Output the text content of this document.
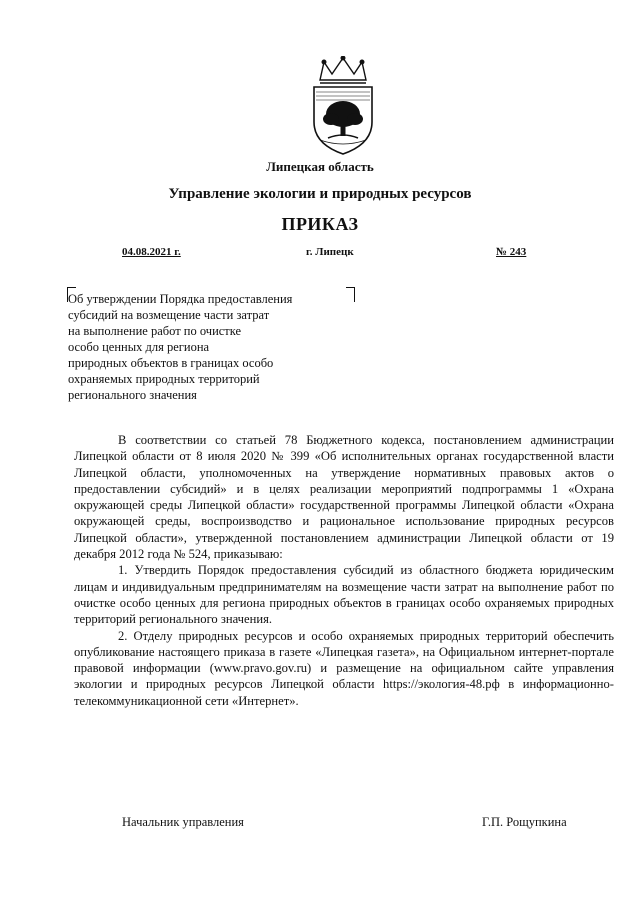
Липецкая область
Управление экологии и природных ресурсов
ПРИКАЗ
04.08.2021 г.	г. Липецк	№ 243
Об утверждении Порядка предоставления
субсидий на возмещение части затрат
на выполнение работ по очистке
особо ценных для региона
природных объектов в границах особо
охраняемых природных территорий
регионального значения

В соответствии со статьей 78 Бюджетного кодекса, постановлением администрации Липецкой области от 8 июля 2020 № 399 «Об исполнительных органах государственной власти Липецкой области, уполномоченных на утверждение нормативных правовых актов о предоставлении субсидий» и в целях реализации мероприятий подпрограммы 1 «Охрана окружающей среды Липецкой области» государственной программы Липецкой области «Охрана окружающей среды, воспроизводство и рациональное использование природных ресурсов Липецкой области», утвержденной постановлением администрации Липецкой области от 19 декабря 2012 года № 524, приказываю:

1. Утвердить Порядок предоставления субсидий из областного бюджета юридическим лицам и индивидуальным предпринимателям на возмещение части затрат на выполнение работ по очистке особо ценных для региона природных объектов в границах особо охраняемых природных территорий регионального значения.

2. Отделу природных ресурсов и особо охраняемых природных территорий обеспечить опубликование настоящего приказа в газете «Липецкая газета», на Официальном интернет-портале правовой информации (www.pravo.gov.ru) и размещение на официальном сайте управления экологии и природных ресурсов Липецкой области https://экология-48.рф в информационно-телекоммуникационной сети «Интернет».

Начальник управления	Г.П. Рощупкина
